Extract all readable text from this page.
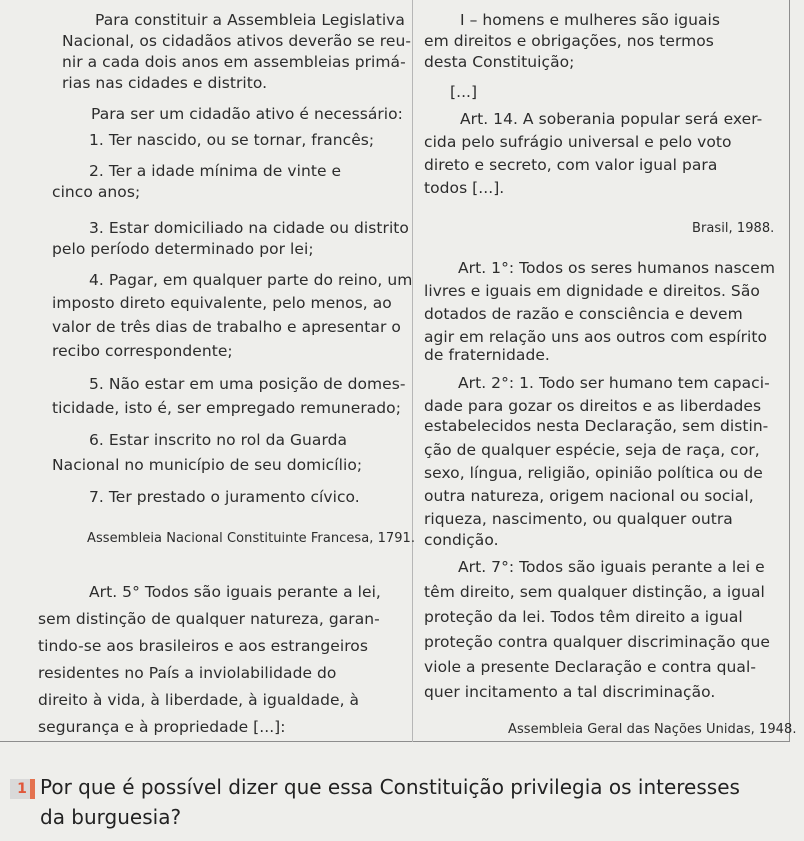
Para constituir a Assembleia Legislativa
Nacional, os cidadãos ativos deverão se reu-
nir a cada dois anos em assembleias primá-
rias nas cidades e distrito.
Para ser um cidadão ativo é necessário:
1. Ter nascido, ou se tornar, francês;
2. Ter a idade mínima de vinte e
cinco anos;
3. Estar domiciliado na cidade ou distrito
pelo período determinado por lei;
4. Pagar, em qualquer parte do reino, um
imposto direto equivalente, pelo menos, ao
valor de três dias de trabalho e apresentar o
recibo correspondente;
5. Não estar em uma posição de domes-
ticidade, isto é, ser empregado remunerado;
6. Estar inscrito no rol da Guarda
Nacional no município de seu domicílio;
7. Ter prestado o juramento cívico.
Assembleia Nacional Constituinte Francesa, 1791.
Art. 5° Todos são iguais perante a lei,
sem distinção de qualquer natureza, garan-
tindo-se aos brasileiros e aos estrangeiros
residentes no País a inviolabilidade do
direito à vida, à liberdade, à igualdade, à
segurança e à propriedade [...]:
I – homens e mulheres são iguais
em direitos e obrigações, nos termos
desta Constituição;
[...]
Art. 14. A soberania popular será exer-
cida pelo sufrágio universal e pelo voto
direto e secreto, com valor igual para
todos [...].
Brasil, 1988.
Art. 1°: Todos os seres humanos nascem
livres e iguais em dignidade e direitos. São
dotados de razão e consciência e devem
agir em relação uns aos outros com espírito
de fraternidade.
Art. 2°: 1. Todo ser humano tem capaci-
dade para gozar os direitos e as liberdades
estabelecidos nesta Declaração, sem distin-
ção de qualquer espécie, seja de raça, cor,
sexo, língua, religião, opinião política ou de
outra natureza, origem nacional ou social,
riqueza, nascimento, ou qualquer outra
condição.
Art. 7°: Todos são iguais perante a lei e
têm direito, sem qualquer distinção, a igual
proteção da lei. Todos têm direito a igual
proteção contra qualquer discriminação que
viole a presente Declaração e contra qual-
quer incitamento a tal discriminação.
Assembleia Geral das Nações Unidas, 1948.
1 Por que é possível dizer que essa Constituição privilegia os interesses
da burguesia?
